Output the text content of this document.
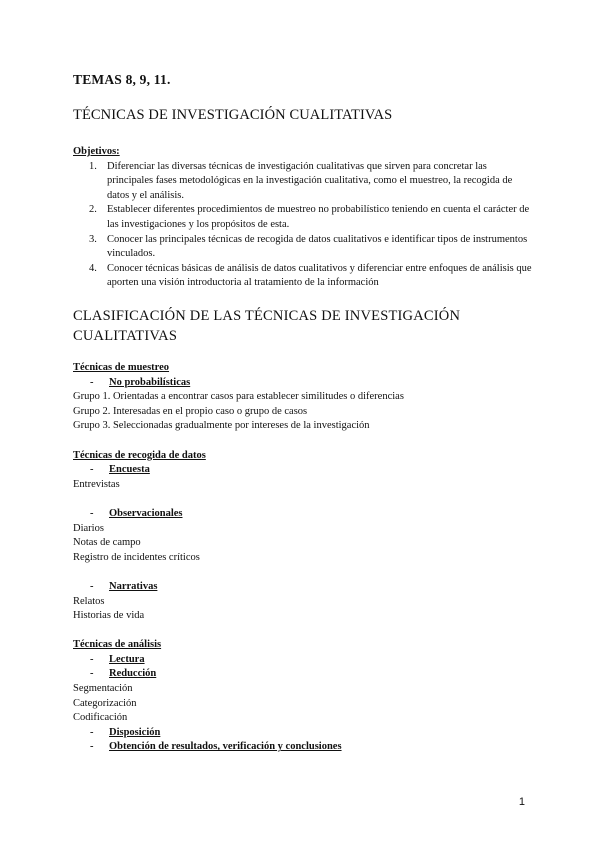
TEMAS 8, 9, 11.
TÉCNICAS DE INVESTIGACIÓN CUALITATIVAS
Objetivos:
1. Diferenciar las diversas técnicas de investigación cualitativas que sirven para concretar las principales fases metodológicas en la investigación cualitativa, como el muestreo, la recogida de datos y el análisis.
2. Establecer diferentes procedimientos de muestreo no probabilístico teniendo en cuenta el carácter de las investigaciones y los propósitos de esta.
3. Conocer las principales técnicas de recogida de datos cualitativos e identificar tipos de instrumentos vinculados.
4. Conocer técnicas básicas de análisis de datos cualitativos y diferenciar entre enfoques de análisis que aporten una visión introductoria al tratamiento de la información
CLASIFICACIÓN DE LAS TÉCNICAS DE INVESTIGACIÓN CUALITATIVAS
Técnicas de muestreo
- No probabilísticas
Grupo 1. Orientadas a encontrar casos para establecer similitudes o diferencias
Grupo 2. Interesadas en el propio caso o grupo de casos
Grupo 3. Seleccionadas gradualmente por intereses de la investigación
Técnicas de recogida de datos
- Encuesta
Entrevistas
- Observacionales
Diarios
Notas de campo
Registro de incidentes críticos
- Narrativas
Relatos
Historias de vida
Técnicas de análisis
- Lectura
- Reducción
Segmentación
Categorización
Codificación
- Disposición
- Obtención de resultados, verificación y conclusiones
1
